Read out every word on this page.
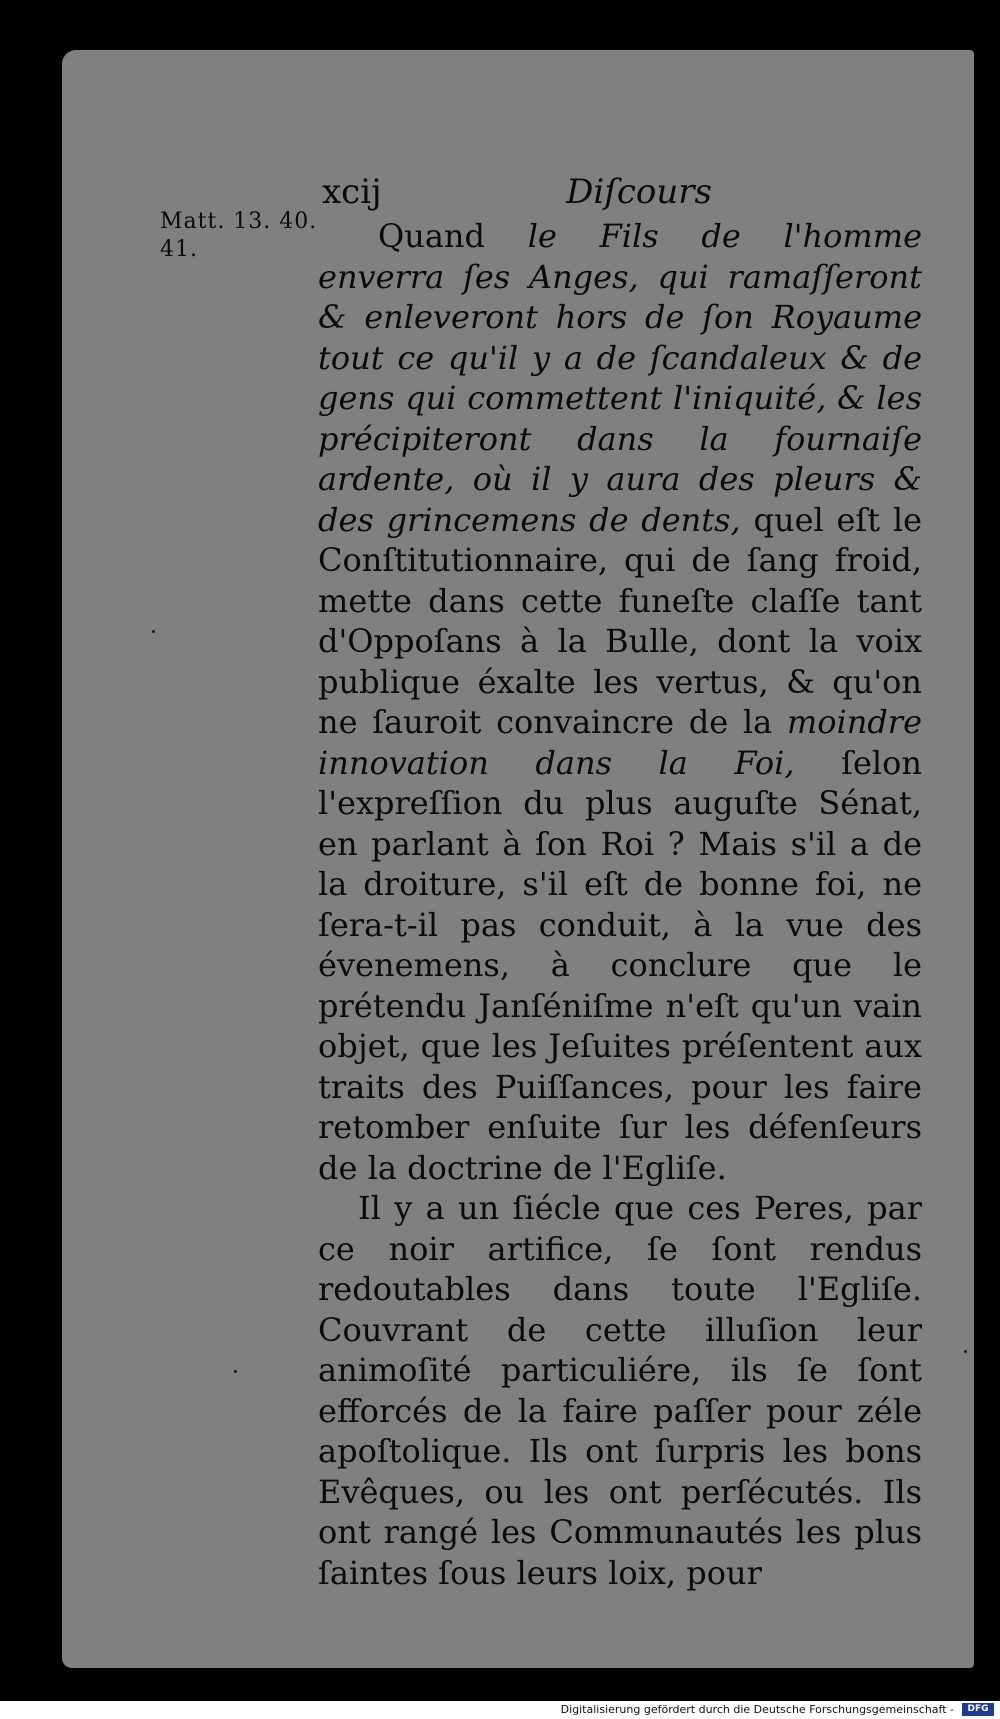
xcij	Diſcours
Matt. 13. 40. 41.	Quand le Fils de l'homme enverra ſes Anges, qui ramaſſeront & enleveront hors de ſon Royaume tout ce qu'il y a de ſcandaleux & de gens qui commettent l'iniquité, & les précipiteront dans la fournaiſe ardente, où il y aura des pleurs & des grincemens de dents, quel eſt le Conſtitutionnaire, qui de ſang froid, mette dans cette funeſte claſſe tant d'Oppoſans à la Bulle, dont la voix publique éxalte les vertus, & qu'on ne ſauroit convaincre de la moindre innovation dans la Foi, ſelon l'expreſſion du plus auguſte Sénat, en parlant à ſon Roi ? Mais s'il a de la droiture, s'il eſt de bonne foi, ne ſera-t-il pas conduit, à la vue des évenemens, à conclure que le prétendu Janſéniſme n'eſt qu'un vain objet, que les Jeſuites préſentent aux traits des Puiſſances, pour les faire retomber enſuite ſur les défenſeurs de la doctrine de l'Egliſe.

Il y a un ſiécle que ces Peres, par ce noir artifice, ſe ſont rendus redoutables dans toute l'Egliſe. Couvrant de cette illuſion leur animoſité particuliére, ils ſe ſont efforcés de la faire paſſer pour zéle apoſtolique. Ils ont ſurpris les bons Evêques, ou les ont perſécutés. Ils ont rangé les Communautés les plus ſaintes ſous leurs loix, pour

Digitalisierung gefördert durch die Deutsche Forschungsgemeinschaft -	DFG
